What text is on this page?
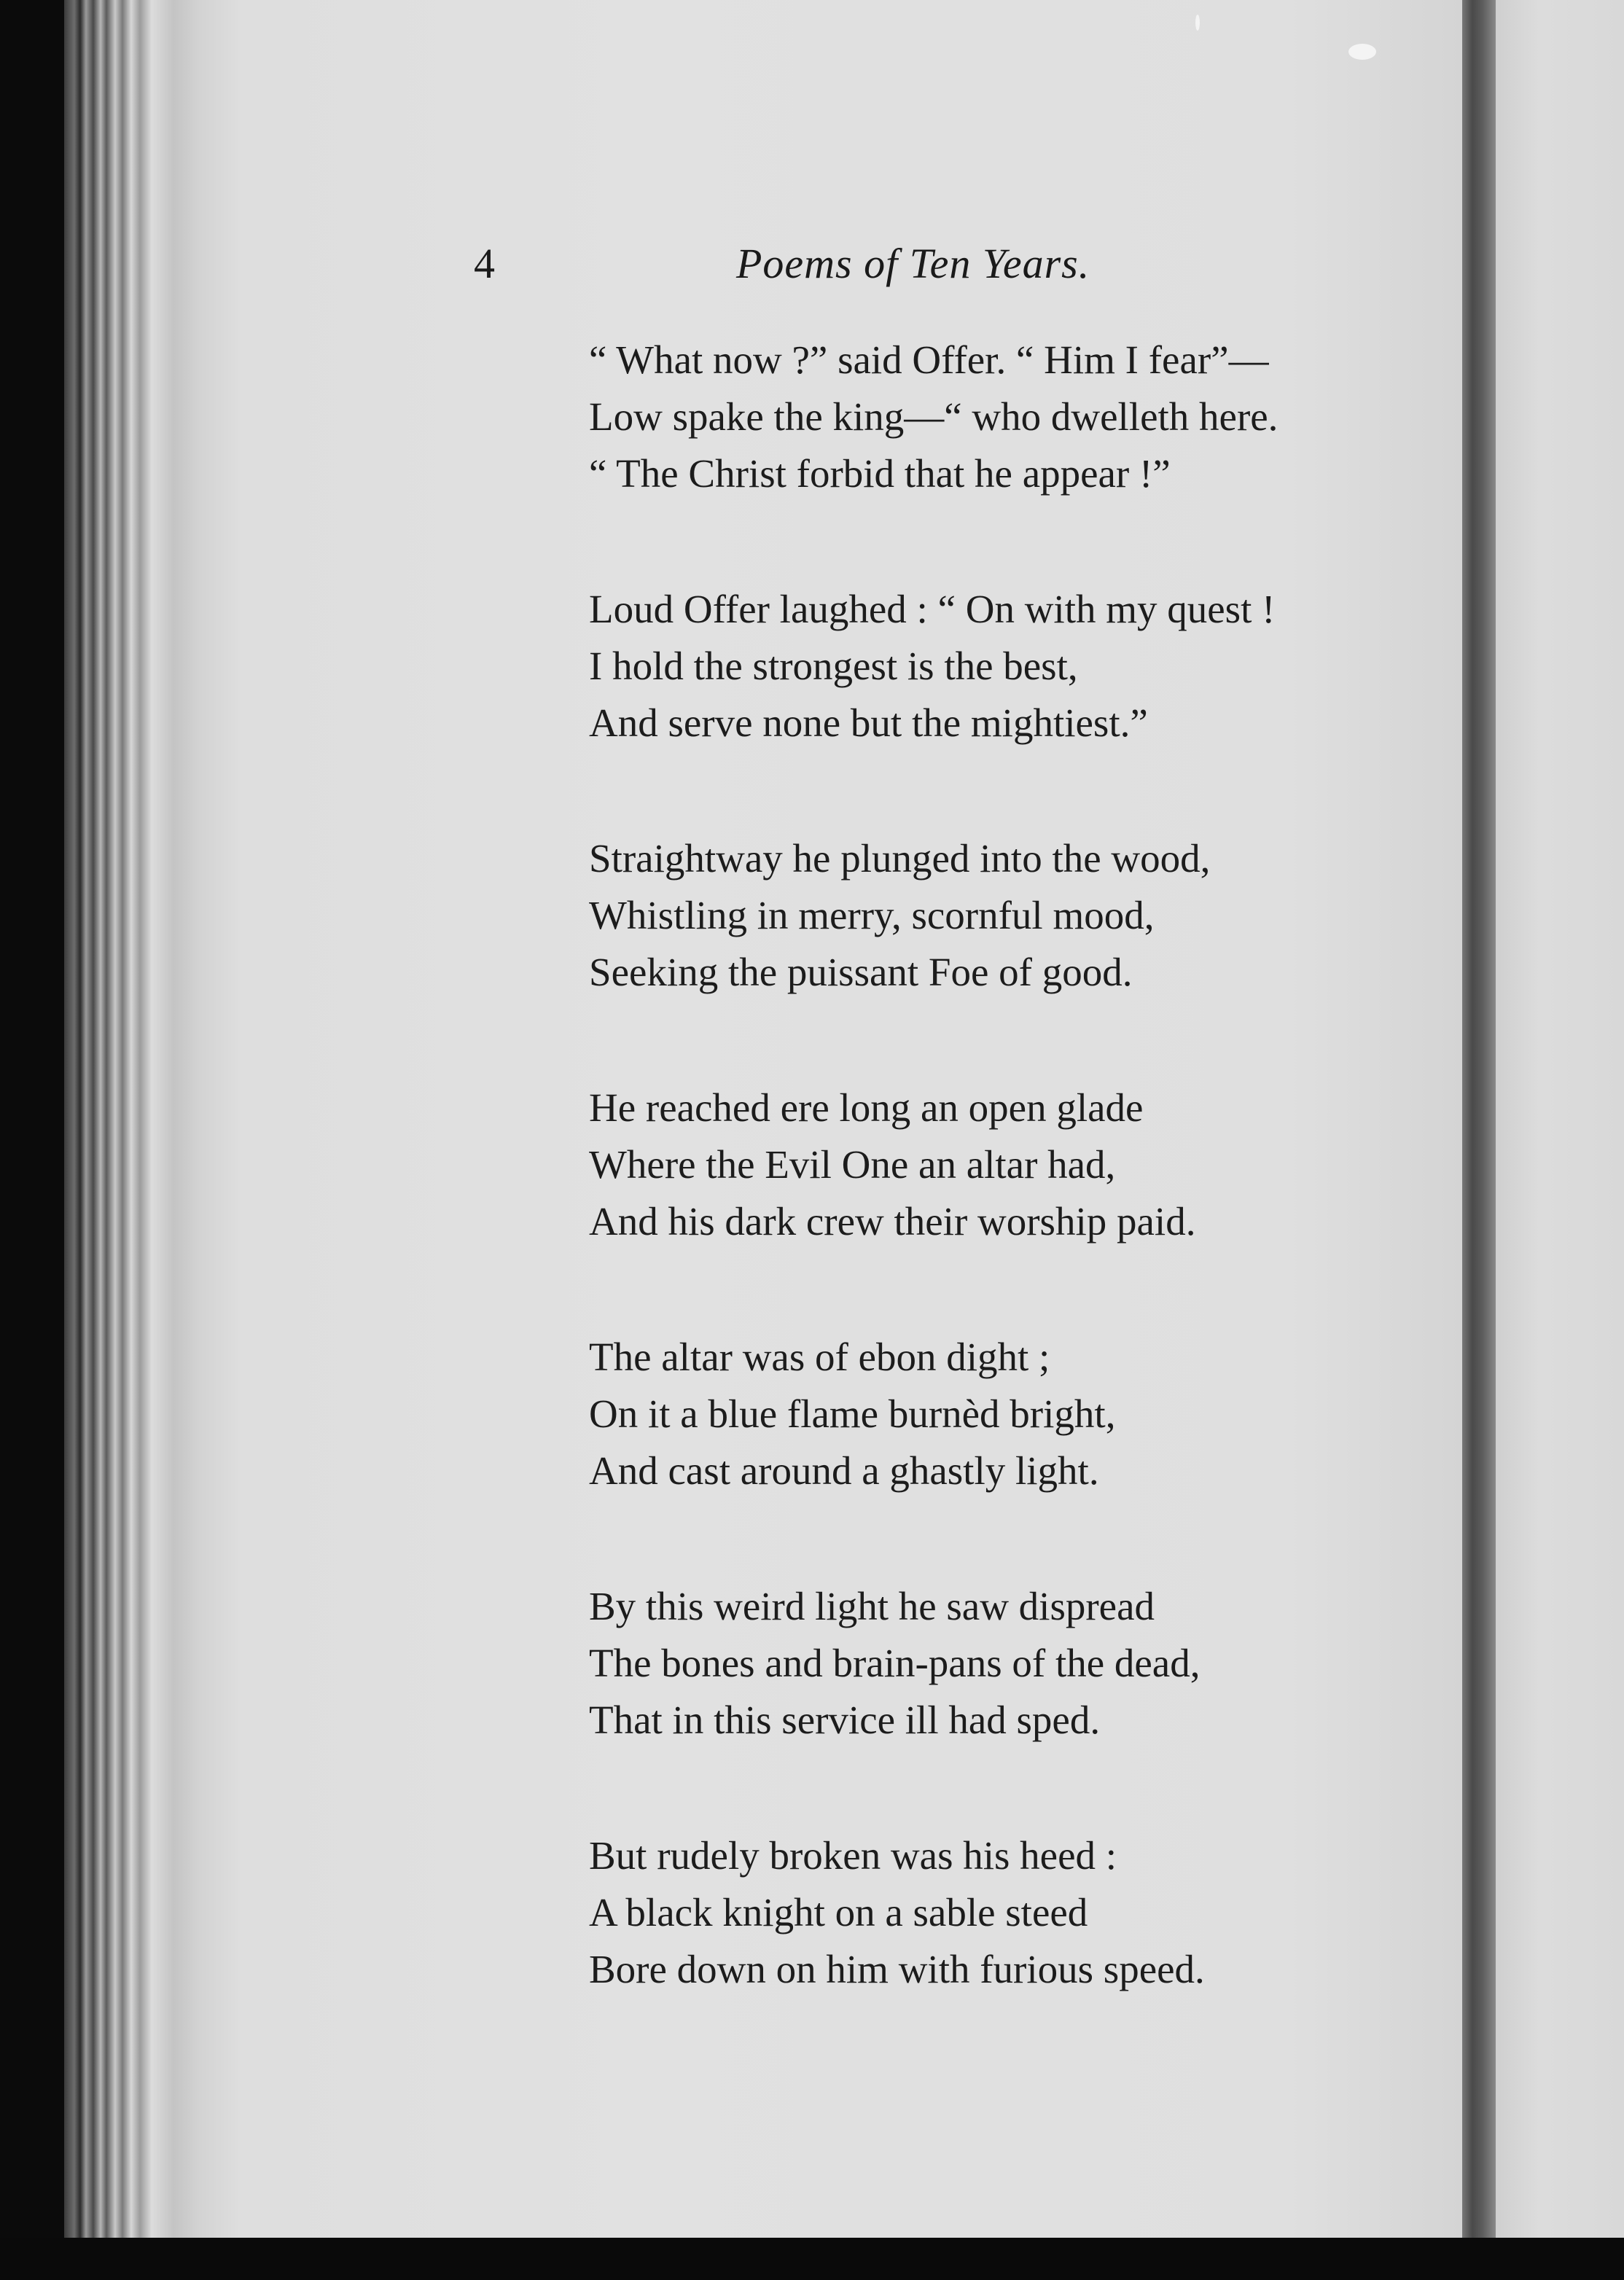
4	Poems of Ten Years.
“ What now ?” said Offer. “ Him I fear”—
Low spake the king—“ who dwelleth here.
“ The Christ forbid that he appear !”
Loud Offer laughed : “ On with my quest !
I hold the strongest is the best,
And serve none but the mightiest.”
Straightway he plunged into the wood,
Whistling in merry, scornful mood,
Seeking the puissant Foe of good.
He reached ere long an open glade
Where the Evil One an altar had,
And his dark crew their worship paid.
The altar was of ebon dight ;
On it a blue flame burnèd bright,
And cast around a ghastly light.
By this weird light he saw dispread
The bones and brain-pans of the dead,
That in this service ill had sped.
But rudely broken was his heed :
A black knight on a sable steed
Bore down on him with furious speed.
